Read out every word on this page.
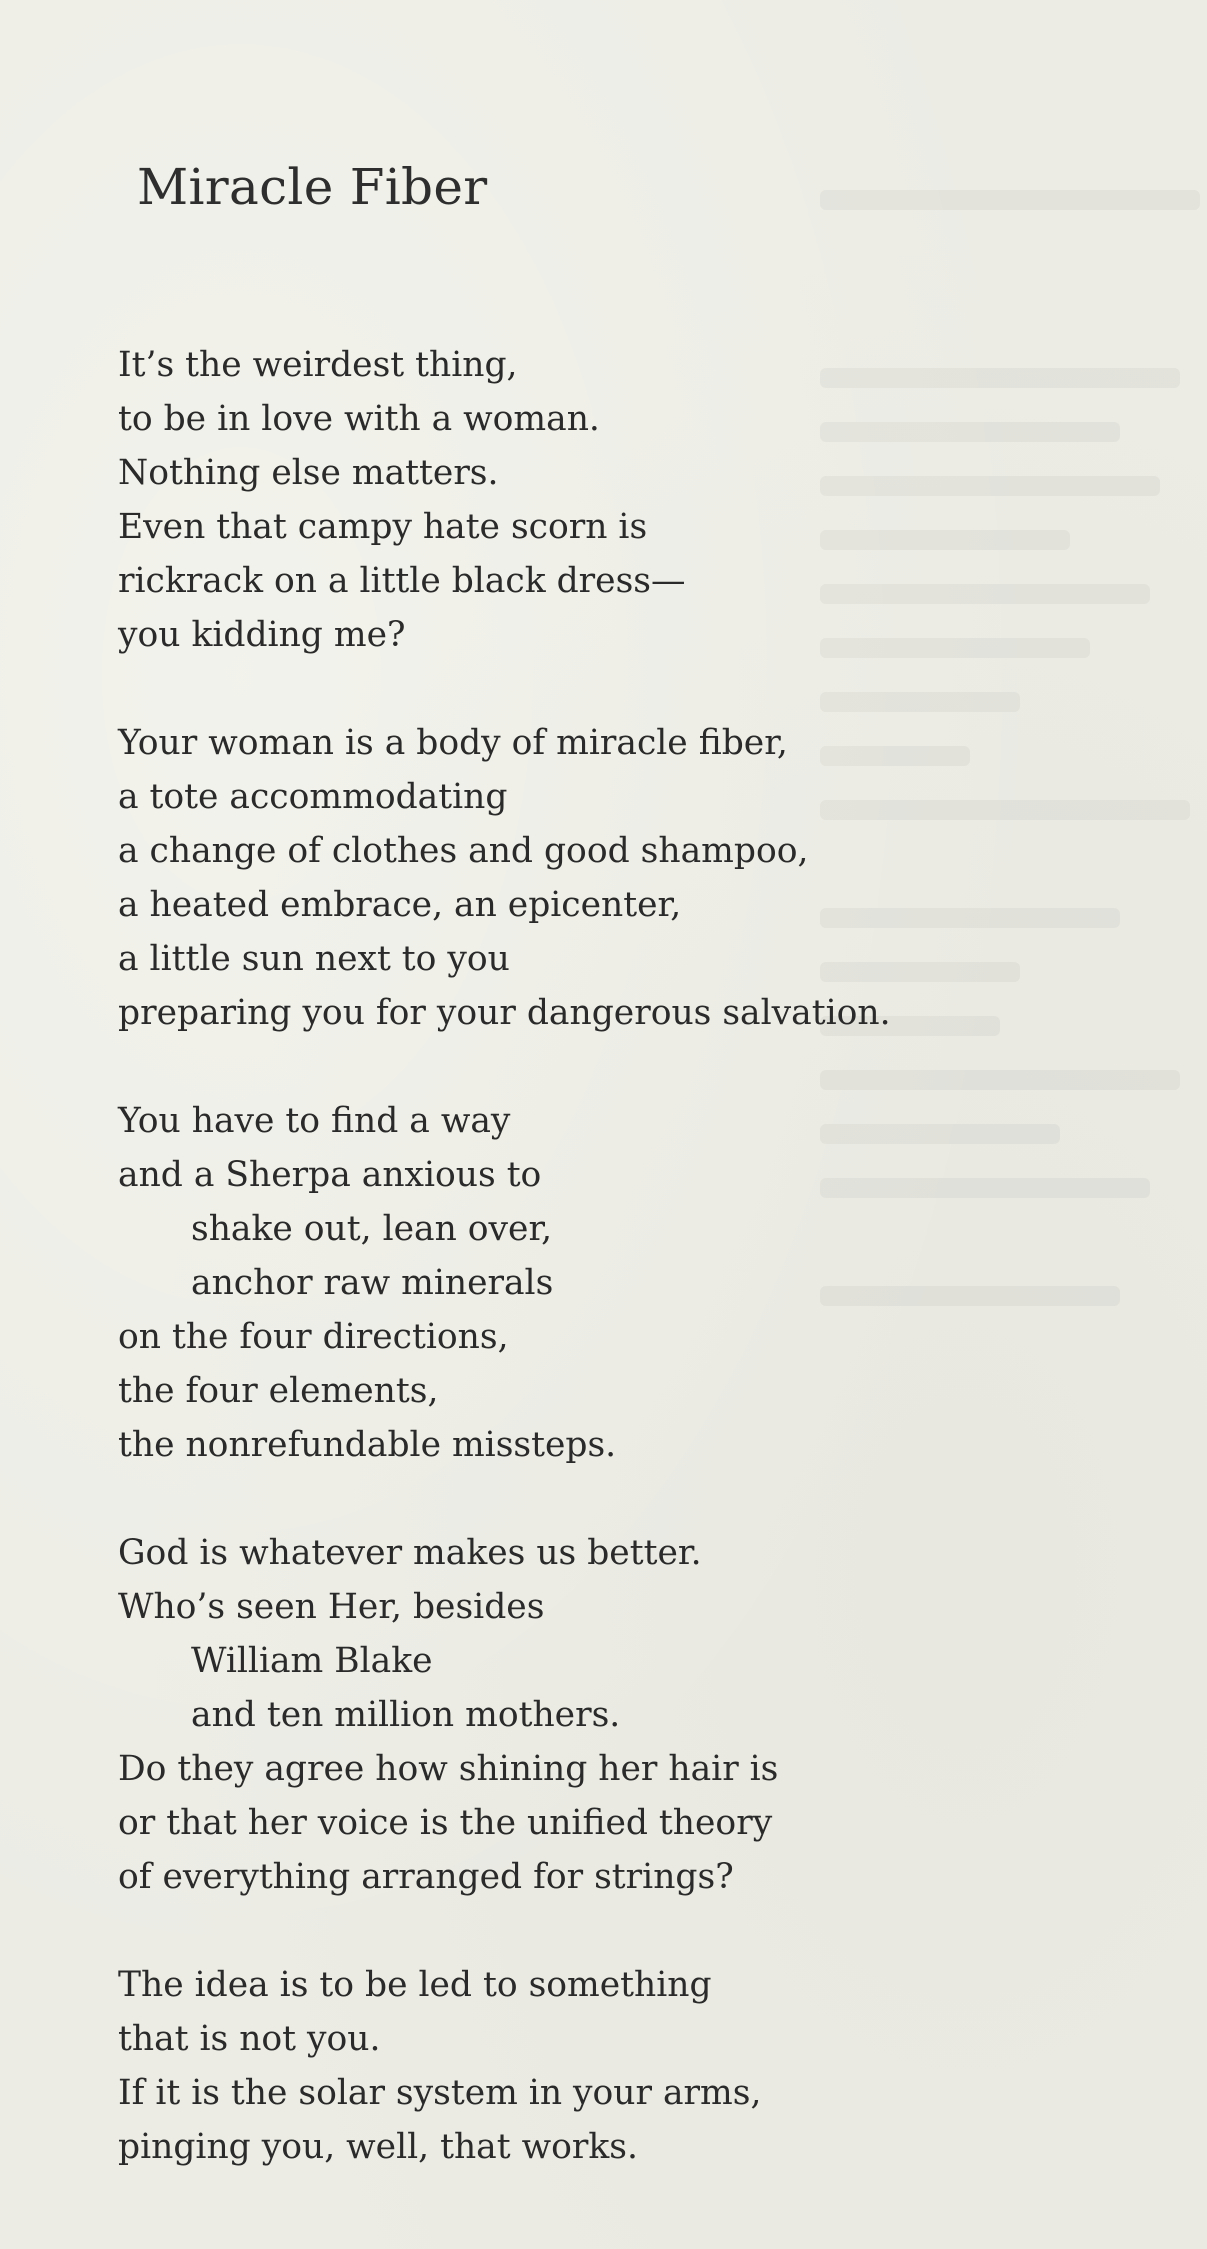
Miracle Fiber
It’s the weirdest thing,
to be in love with a woman.
Nothing else matters.
Even that campy hate scorn is
rickrack on a little black dress—
you kidding me?
Your woman is a body of miracle fiber,
a tote accommodating
a change of clothes and good shampoo,
a heated embrace, an epicenter,
a little sun next to you
preparing you for your dangerous salvation.
You have to find a way
and a Sherpa anxious to
shake out, lean over,
anchor raw minerals
on the four directions,
the four elements,
the nonrefundable missteps.
God is whatever makes us better.
Who’s seen Her, besides
William Blake
and ten million mothers.
Do they agree how shining her hair is
or that her voice is the unified theory
of everything arranged for strings?
The idea is to be led to something
that is not you.
If it is the solar system in your arms,
pinging you, well, that works.
